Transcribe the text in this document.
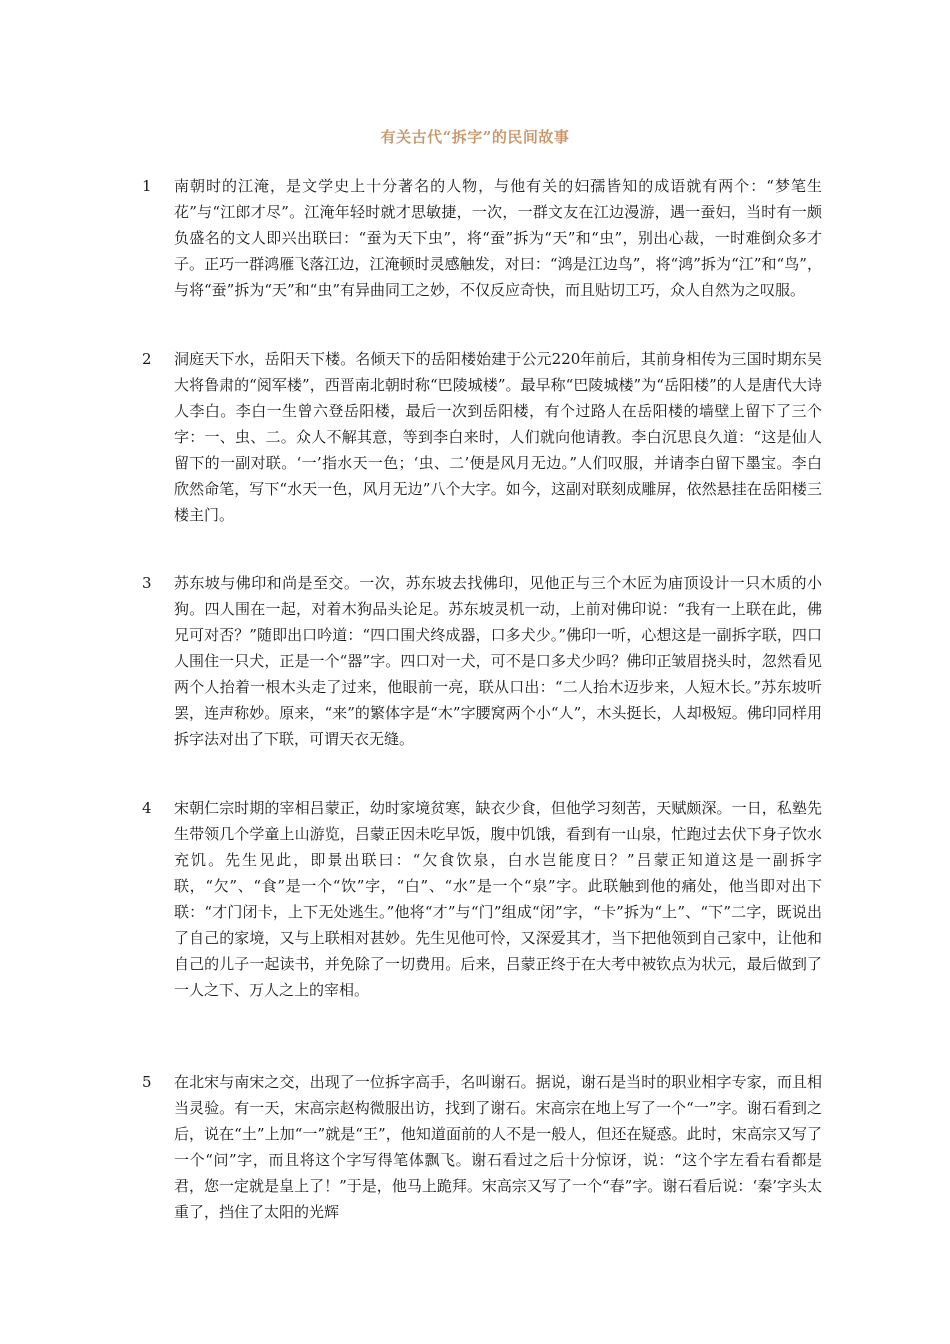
有关古代“拆字”的民间故事
1	南朝时的江淹，是文学史上十分著名的人物，与他有关的妇孺皆知的成语就有两个：“梦笔生花”与“江郎才尽”。江淹年轻时就才思敏捷，一次，一群文友在江边漫游，遇一蚕妇，当时有一颇负盛名的文人即兴出联曰：“蚕为天下虫”，将“蚕”拆为“天”和“虫”，别出心裁，一时难倒众多才子。正巧一群鸿雁飞落江边，江淹顿时灵感触发，对曰：“鸿是江边鸟”，将“鸿”拆为“江”和“鸟”，与将“蚕”拆为“天”和“虫”有异曲同工之妙，不仅反应奇快，而且贴切工巧，众人自然为之叹服。
2	洞庭天下水，岳阳天下楼。名倾天下的岳阳楼始建于公元220年前后，其前身相传为三国时期东吴大将鲁肃的“阅军楼”，西晋南北朝时称“巴陵城楼”。最早称“巴陵城楼”为“岳阳楼”的人是唐代大诗人李白。李白一生曾六登岳阳楼，最后一次到岳阳楼，有个过路人在岳阳楼的墙壁上留下了三个字：一、虫、二。众人不解其意，等到李白来时，人们就向他请教。李白沉思良久道：“这是仙人留下的一副对联。‘一’指水天一色；‘虫、二’便是风月无边。”人们叹服，并请李白留下墨宝。李白欣然命笔，写下“水天一色，风月无边”八个大字。如今，这副对联刻成雕屏，依然悬挂在岳阳楼三楼主门。
3	苏东坡与佛印和尚是至交。一次，苏东坡去找佛印，见他正与三个木匠为庙顶设计一只木质的小狗。四人围在一起，对着木狗品头论足。苏东坡灵机一动，上前对佛印说：“我有一上联在此，佛兄可对否？”随即出口吟道：“四口围犬终成器，口多犬少。”佛印一听，心想这是一副拆字联，四口人围住一只犬，正是一个“器”字。四口对一犬，可不是口多犬少吗？佛印正皱眉挠头时，忽然看见两个人抬着一根木头走了过来，他眼前一亮，联从口出：“二人抬木迈步来，人短木长。”苏东坡听罢，连声称妙。原来，“来”的繁体字是“木”字腰窝两个小“人”，木头挺长，人却极短。佛印同样用拆字法对出了下联，可谓天衣无缝。
4	宋朝仁宗时期的宰相吕蒙正，幼时家境贫寒，缺衣少食，但他学习刻苦，天赋颇深。一日，私塾先生带领几个学童上山游览，吕蒙正因未吃早饭，腹中饥饿，看到有一山泉，忙跑过去伏下身子饮水充饥。先生见此，即景出联曰：“欠食饮泉，白水岂能度日？”吕蒙正知道这是一副拆字联，“欠”、“食”是一个“饮”字，“白”、“水”是一个“泉”字。此联触到他的痛处，他当即对出下联：“才门闭卡，上下无处逃生。”他将“才”与“门”组成“闭”字，“卡”拆为“上”、“下”二字，既说出了自己的家境，又与上联相对甚妙。先生见他可怜，又深爱其才，当下把他领到自己家中，让他和自己的儿子一起读书，并免除了一切费用。后来，吕蒙正终于在大考中被钦点为状元，最后做到了一人之下、万人之上的宰相。
5	在北宋与南宋之交，出现了一位拆字高手，名叫谢石。据说，谢石是当时的职业相字专家，而且相当灵验。有一天，宋高宗赵构微服出访，找到了谢石。宋高宗在地上写了一个“一”字。谢石看到之后，说在“土”上加“一”就是“王”，他知道面前的人不是一般人，但还在疑惑。此时，宋高宗又写了一个“问”字，而且将这个字写得笔体飘飞。谢石看过之后十分惊讶，说：“这个字左看右看都是君，您一定就是皇上了！”于是，他马上跪拜。宋高宗又写了一个“春”字。谢石看后说：‘秦’字头太重了，挡住了太阳的光辉
